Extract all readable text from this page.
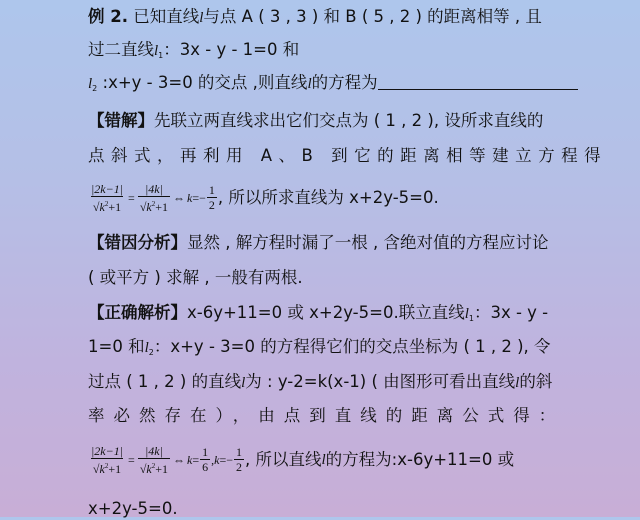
例 2. 已知直线l与点 A ( 3 , 3 ) 和 B ( 5 , 2 ) 的距离相等 , 且
过二直线$l_1$：3x - y - 1=0 和
$l_2$ :x+y - 3=0 的交点 ,则直线l的方程为
【错解】先联立两直线求出它们交点为 ( 1 , 2 ), 设所求直线的
点斜式，再利用 A、B 到它的距离相等建立方程得
$\frac{|2k-1|}{√k^2+1} = \frac{|4k|}{√k^2+1}$ ⇔ $k =- \frac{1}{2}$ , 所以所求直线为 x+2y-5=0.
【错因分析】显然 , 解方程时漏了一根 , 含绝对值的方程应讨论
( 或平方 ) 求解 , 一般有两根.
【正确解析】x-6y+11=0 或 x+2y-5=0.联立直线$l_1$：3x - y -
1=0 和$l_2$：x+y - 3=0 的方程得它们的交点坐标为 ( 1 , 2 ), 令
过点 ( 1 , 2 ) 的直线l为 : y-2=k(x-1) ( 由图形可看出直线l的斜
率必然存在），由点到直线的距离公式得：
$\frac{|2k-1|}{√k^2+1} = \frac{|4k|}{√k^2+1}$ ⇔ $k = \frac{1}{6}$ , $k =- \frac{1}{2}$ , 所以直线 l 的方程为:x-6y+11=0 或
x+2y-5=0.
